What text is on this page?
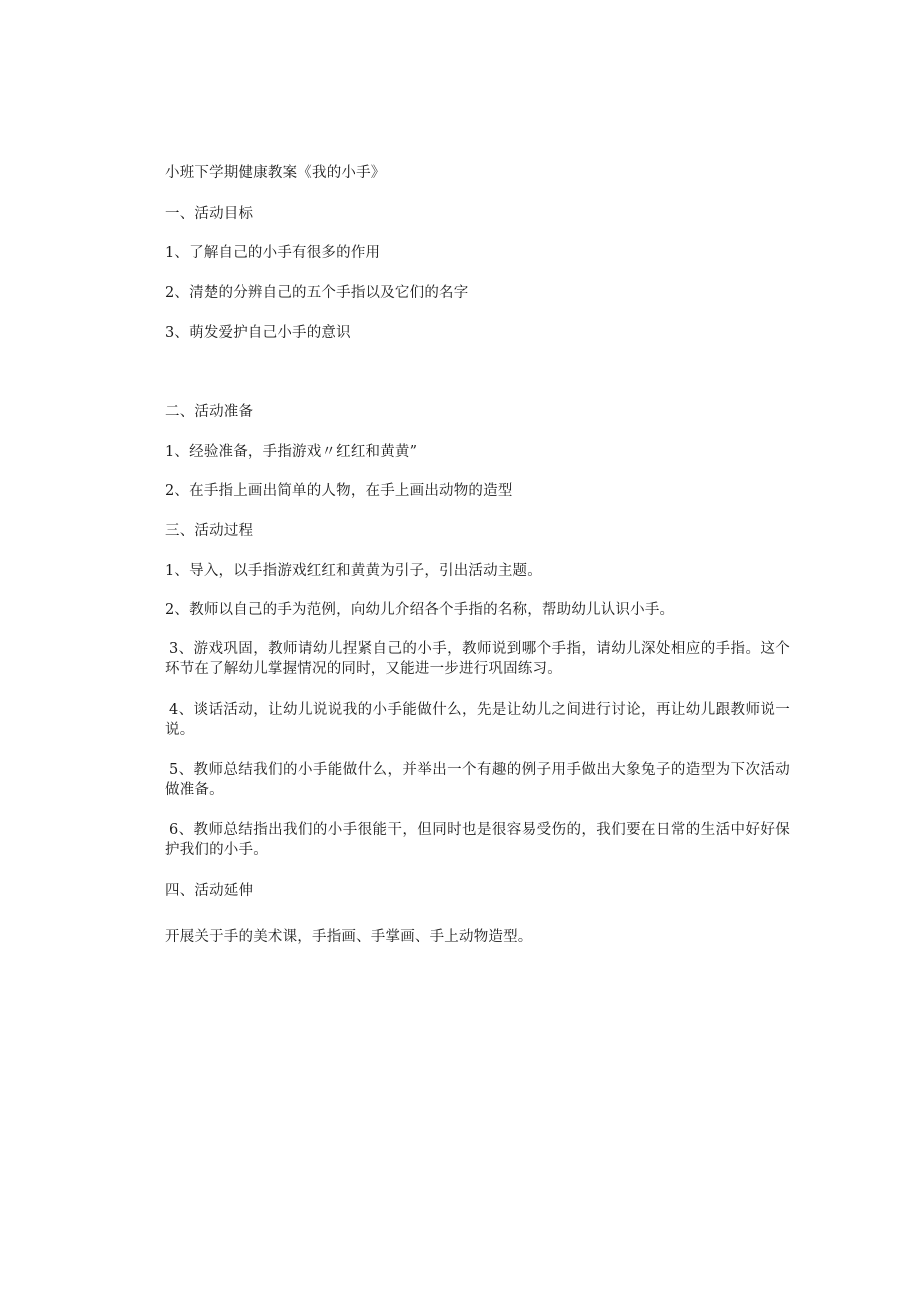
小班下学期健康教案《我的小手》
一、活动目标
1、了解自己的小手有很多的作用
2、清楚的分辨自己的五个手指以及它们的名字
3、萌发爱护自己小手的意识
二、活动准备
1、经验准备，手指游戏〃红红和黄黄”
2、在手指上画出简单的人物，在手上画出动物的造型
三、活动过程
1、导入，以手指游戏红红和黄黄为引子，引出活动主题。
2、教师以自己的手为范例，向幼儿介绍各个手指的名称，帮助幼儿认识小手。
3、游戏巩固，教师请幼儿捏紧自己的小手，教师说到哪个手指，请幼儿深处相应的手指。这个环节在了解幼儿掌握情况的同时，又能进一步进行巩固练习。
4、谈话活动，让幼儿说说我的小手能做什么，先是让幼儿之间进行讨论，再让幼儿跟教师说一说。
5、教师总结我们的小手能做什么，并举出一个有趣的例子用手做出大象兔子的造型为下次活动做准备。
6、教师总结指出我们的小手很能干，但同时也是很容易受伤的，我们要在日常的生活中好好保护我们的小手。
四、活动延伸
开展关于手的美术课，手指画、手掌画、手上动物造型。
